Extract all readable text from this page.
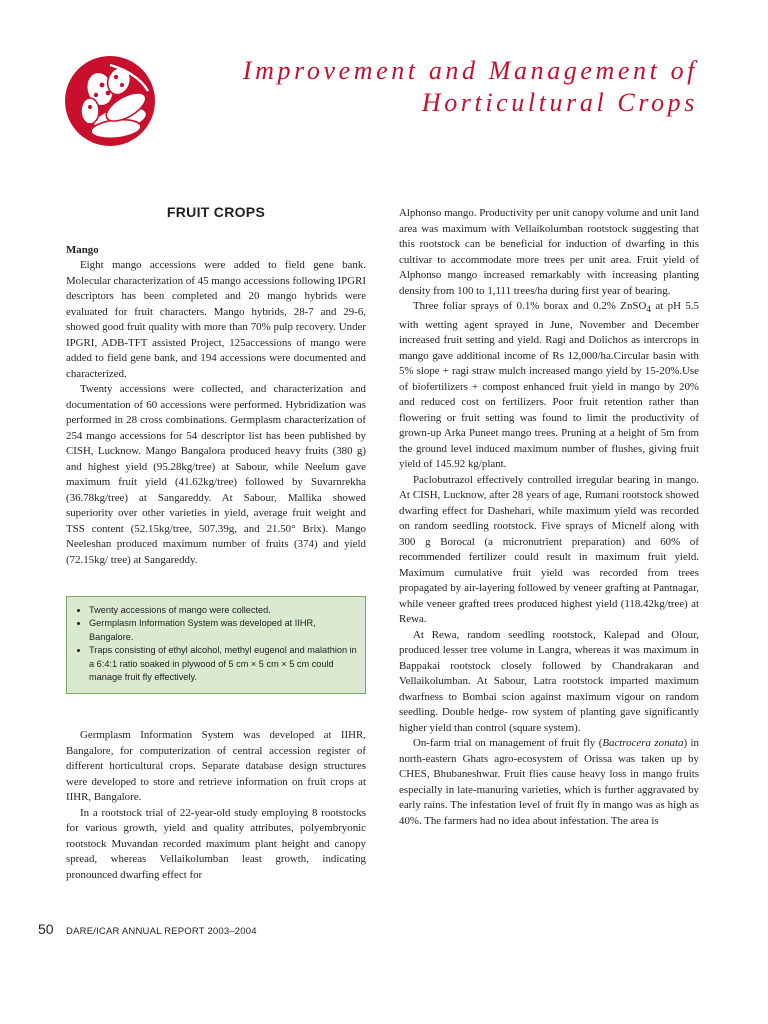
Improvement and Management of
Horticultural Crops
FRUIT CROPS
Mango

Eight mango accessions were added to field gene bank. Molecular characterization of 45 mango accessions following IPGRI descriptors has been completed and 20 mango hybrids were evaluated for fruit characters. Mango hybrids, 28-7 and 29-6, showed good fruit quality with more than 70% pulp recovery. Under IPGRI, ADB-TFT assisted Project, 125accessions of mango were added to field gene bank, and 194 accessions were documented and characterized.

Twenty accessions were collected, and characterization and documentation of 60 accessions were performed. Hybridization was performed in 28 cross combinations. Germplasm characterization of 254 mango accessions for 54 descriptor list has been published by CISH, Lucknow. Mango Bangalora produced heavy fruits (380 g) and highest yield (95.28kg/tree) at Sabour, while Neelum gave maximum fruit yield (41.62kg/tree) followed by Suvarnrekha (36.78kg/tree) at Sangareddy. At Sabour, Mallika showed superiority over other varieties in yield, average fruit weight and TSS content (52.15kg/tree, 507.39g, and 21.50° Brix). Mango Neeleshan produced maximum number of fruits (374) and yield (72.15kg/ tree) at Sangareddy.

• Twenty accessions of mango were collected.
• Germplasm Information System was developed at IIHR, Bangalore.
• Traps consisting of ethyl alcohol, methyl eugenol and malathion in a 6:4:1 ratio soaked in plywood of 5 cm × 5 cm × 5 cm could manage fruit fly effectively.

Germplasm Information System was developed at IIHR, Bangalore, for computerization of central accession register of different horticultural crops. Separate database design structures were developed to store and retrieve information on fruit crops at IIHR, Bangalore.

In a rootstock trial of 22-year-old study employing 8 rootstocks for various growth, yield and quality attributes, polyembryonic rootstock Muvandan recorded maximum plant height and canopy spread, whereas Vellaikolumban least growth, indicating pronounced dwarfing effect for

Alphonso mango. Productivity per unit canopy volume and unit land area was maximum with Vellaikolumban rootstock suggesting that this rootstock can be beneficial for induction of dwarfing in this cultivar to accommodate more trees per unit area. Fruit yield of Alphonso mango increased remarkably with increasing planting density from 100 to 1,111 trees/ha during first year of bearing.

Three foliar sprays of 0.1% borax and 0.2% ZnSO$_4$ at pH 5.5 with wetting agent sprayed in June, November and December increased fruit setting and yield. Ragi and Dolichos as intercrops in mango gave additional income of Rs 12,000/ha.Circular basin with 5% slope + ragi straw mulch increased mango yield by 15-20%.Use of biofertilizers + compost enhanced fruit yield in mango by 20% and reduced cost on fertilizers. Poor fruit retention rather than flowering or fruit setting was found to limit the productivity of grown-up Arka Puneet mango trees. Pruning at a height of 5m from the ground level induced maximum number of flushes, giving fruit yield of 145.92 kg/plant.

Paclobutrazol effectively controlled irregular bearing in mango. At CISH, Lucknow, after 28 years of age, Rumani rootstock showed dwarfing effect for Dashehari, while maximum yield was recorded on random seedling rootstock. Five sprays of Micnelf along with 300 g Borocal (a micronutrient preparation) and 60% of recommended fertilizer could result in maximum fruit yield. Maximum cumulative fruit yield was recorded from trees propagated by air-layering followed by veneer grafting at Pantnagar, while veneer grafted trees produced highest yield (118.42kg/tree) at Rewa.

At Rewa, random seedling rootstock, Kalepad and Olour, produced lesser tree volume in Langra, whereas it was maximum in Bappakai rootstock closely followed by Chandrakaran and Vellaikolumban. At Sabour, Latra rootstock imparted maximum dwarfness to Bombai scion against maximum vigour on random seedling. Double hedge- row system of planting gave significantly higher yield than control (square system).

On-farm trial on management of fruit fly (Bactrocera zonata) in north-eastern Ghats agro-ecosystem of Orissa was taken up by CHES, Bhubaneshwar. Fruit flies cause heavy loss in mango fruits especially in late-manuring varieties, which is further aggravated by early rains. The infestation level of fruit fly in mango was as high as 40%. The farmers had no idea about infestation. The area is

50 DARE/ICAR ANNUAL REPORT 2003–2004
